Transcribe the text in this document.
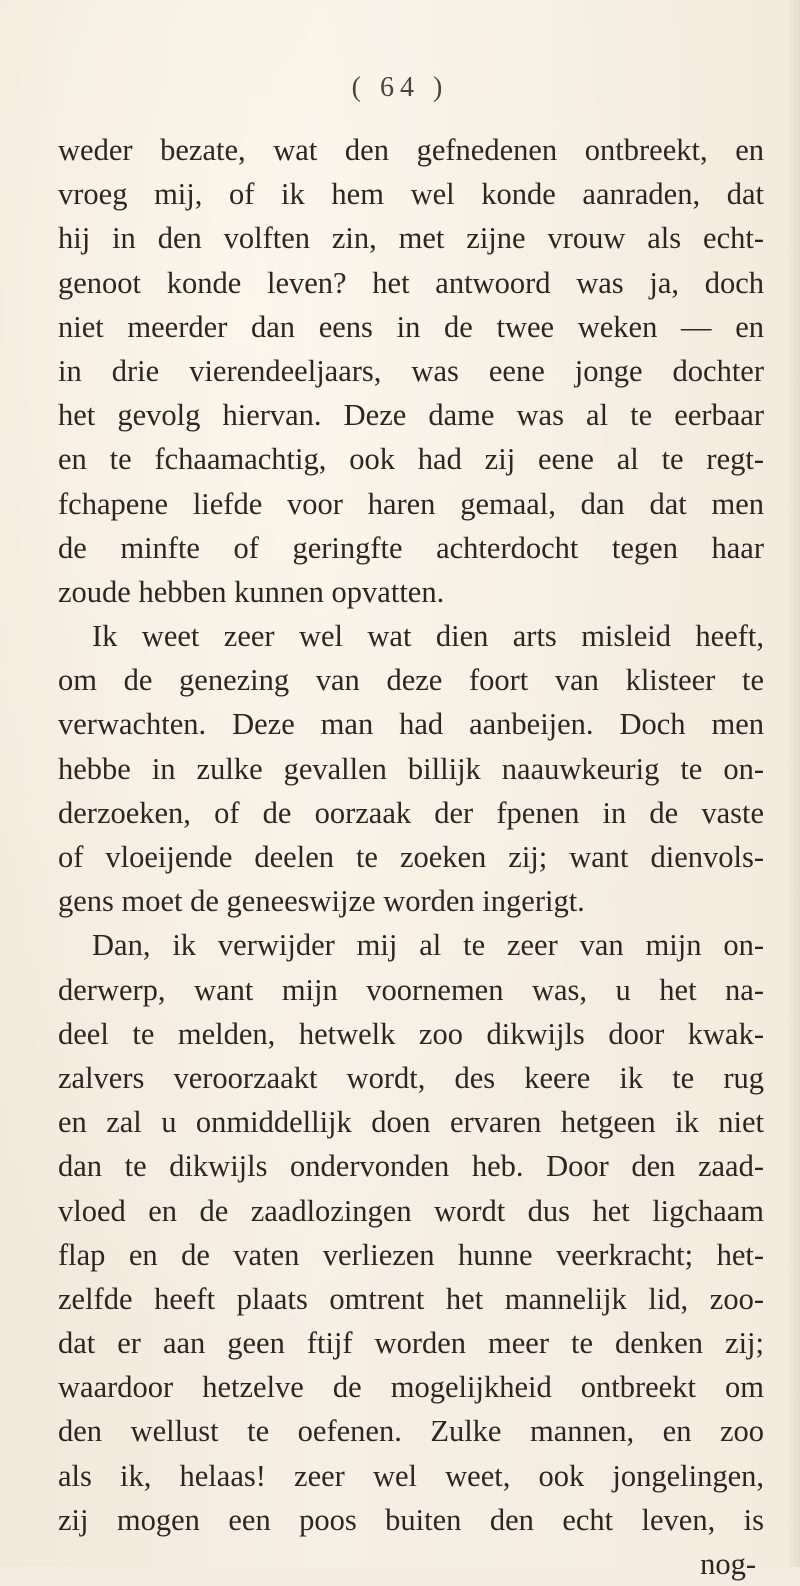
( 64 )
weder bezate, wat den gefnedenen ontbreekt, en
vroeg mij, of ik hem wel konde aanraden, dat
hij in den volften zin, met zijne vrouw als echt-
genoot konde leven? het antwoord was ja, doch
niet meerder dan eens in de twee weken — en
in drie vierendeeljaars, was eene jonge dochter
het gevolg hiervan. Deze dame was al te eerbaar
en te fchaamachtig, ook had zij eene al te regt-
fchapene liefde voor haren gemaal, dan dat men
de minfte of geringfte achterdocht tegen haar
zoude hebben kunnen opvatten.
Ik weet zeer wel wat dien arts misleid heeft,
om de genezing van deze foort van klisteer te
verwachten. Deze man had aanbeijen. Doch men
hebbe in zulke gevallen billijk naauwkeurig te on-
derzoeken, of de oorzaak der fpenen in de vaste
of vloeijende deelen te zoeken zij; want dienvols-
gens moet de geneeswijze worden ingerigt.
Dan, ik verwijder mij al te zeer van mijn on-
derwerp, want mijn voornemen was, u het na-
deel te melden, hetwelk zoo dikwijls door kwak-
zalvers veroorzaakt wordt, des keere ik te rug
en zal u onmiddellijk doen ervaren hetgeen ik niet
dan te dikwijls ondervonden heb. Door den zaad-
vloed en de zaadlozingen wordt dus het ligchaam
flap en de vaten verliezen hunne veerkracht; het-
zelfde heeft plaats omtrent het mannelijk lid, zoo-
dat er aan geen ftijf worden meer te denken zij;
waardoor hetzelve de mogelijkheid ontbreekt om
den wellust te oefenen. Zulke mannen, en zoo
als ik, helaas! zeer wel weet, ook jongelingen,
zij mogen een poos buiten den echt leven, is
nog-
